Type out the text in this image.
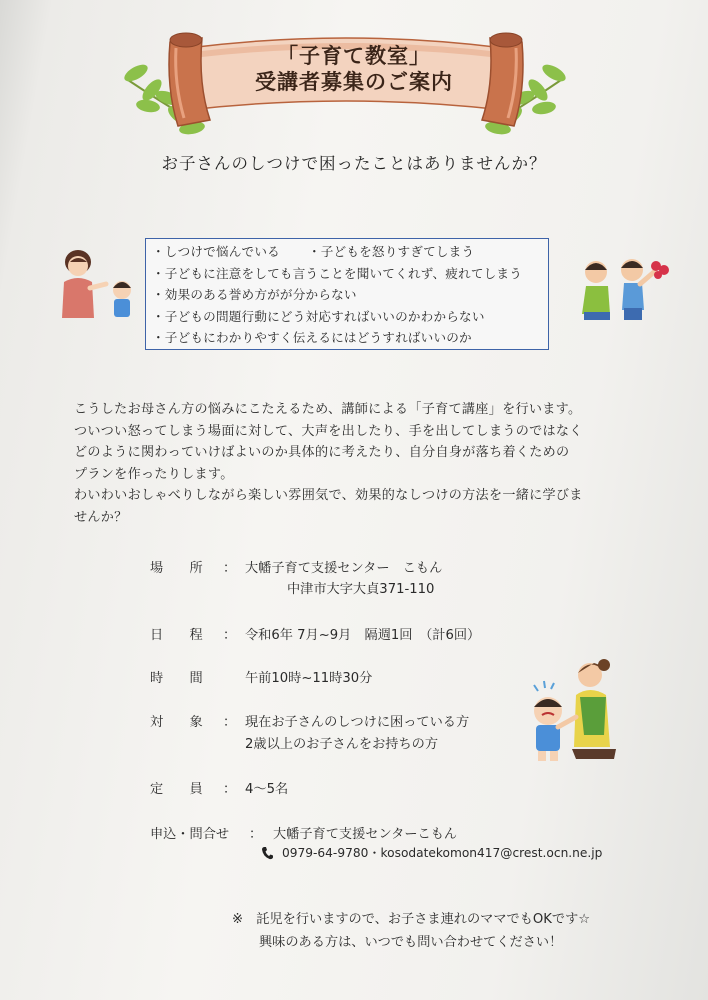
「子育て教室」
受講者募集のご案内
お子さんのしつけで困ったことはありませんか？
・しつけで悩んでいる ・子どもを怒りすぎてしまう
・子どもに注意をしても言うことを聞いてくれず、疲れてしまう
・効果のある誉め方がが分からない
・子どもの問題行動にどう対応すればいいのかわからない
・子どもにわかりやすく伝えるにはどうすればいいのか

こうしたお母さん方の悩みにこたえるため、講師による「子育て講座」を行います。

ついつい怒ってしまう場面に対して、大声を出したり、手を出してしまうのではなく

どのように関わっていけばよいのか具体的に考えたり、自分自身が落ち着くための

プランを作ったりします。

わいわいおしゃべりしながら楽しい雰囲気で、効果的なしつけの方法を一緒に学びま

せんか？

場　　所 ： 大幡子育て支援センター　こもん
中津市大字大貞371-110
日　　程 ： 令和6年 7月~9月　隔週1回　（計6回）
時　　間	午前10時~11時30分
対　　象 ： 現在お子さんのしつけに困っている方
2歳以上のお子さんをお持ちの方
定　　員 ： 4～5名
申込・問合せ ： 大幡子育て支援センターこもん
0979-64-9780・kosodatekomon417@crest.ocn.ne.jp
※　託児を行いますので、お子さま連れのママでもOKです☆
興味のある方は、いつでも問い合わせてください！
